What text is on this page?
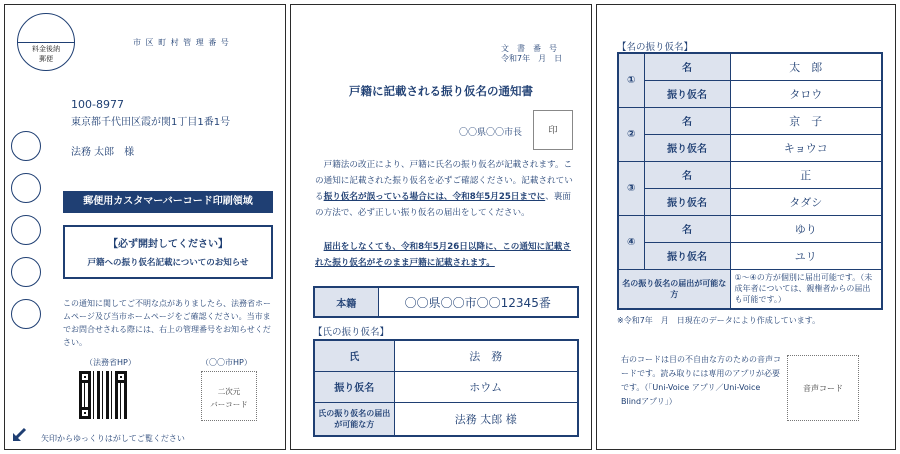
料金後納
郵便
市 区 町 村 管 理 番 号
100-8977
東京都千代田区霞が関1丁目1番1号
法務 太郎　様
郵便用カスタマーバーコード印刷領域
【必ず開封してください】
戸籍への振り仮名記載についてのお知らせ
この通知に関してご不明な点がありましたら、法務省ホームページ及び当市ホームページをご確認ください。当市までお問合せされる際には、右上の管理番号をお知らせください。
（法務省HP）	（〇〇市HP）
二次元
バーコード
矢印からゆっくりはがしてご覧ください
文　書　番　号
令和7年　月　日
戸籍に記載される振り仮名の通知書
〇〇県〇〇市長	印
戸籍法の改正により、戸籍に氏名の振り仮名が記載されます。この通知に記載された振り仮名を必ずご確認ください。記載されている振り仮名が誤っている場合には、令和8年5月25日までに、裏面の方法で、必ず正しい振り仮名の届出をしてください。
届出をしなくても、令和8年5月26日以降に、この通知に記載された振り仮名がそのまま戸籍に記載されます。
本籍	〇〇県〇〇市〇〇12345番
【氏の振り仮名】
氏	法　務
振り仮名	ホウム
氏の振り仮名の届出が可能な方	法務 太郎 様
【名の振り仮名】
①	名	太　郎
	振り仮名	タロウ
②	名	京　子
	振り仮名	キョウコ
③	名	正
	振り仮名	タダシ
④	名	ゆり
	振り仮名	ユリ
名の振り仮名の届出が可能な方		①～④の方が個別に届出可能です。（未成年者については、親権者からの届出も可能です。）
※令和7年　月　日現在のデータにより作成しています。
右のコードは目の不自由な方のための音声コードです。読み取りには専用のアプリが必要です。（「Uni-Voice アプリ／Uni-Voice Blindアプリ」）
音声コード
